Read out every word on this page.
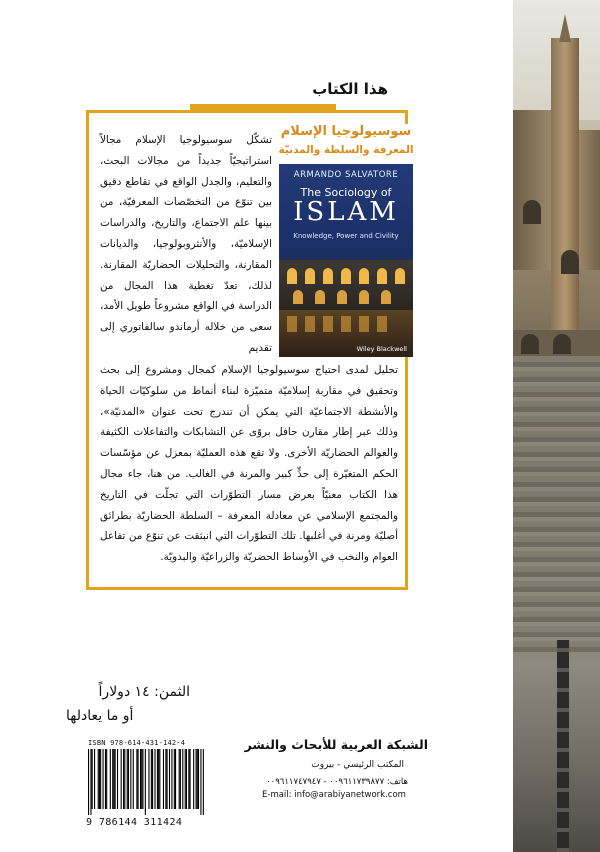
هذا الكتاب

سوسيولوجيا الإسلام

المعرفة والسلطة والمدنيّة

ARMANDO SALVATORE
The Sociology of
ISLAM
Knowledge, Power and Civility
Wiley Blackwell

تشكّل سوسيولوجيا الإسلام مجالاً استراتيجيّاً جديداً من مجالات البحث، والتعليم، والجدل الواقع في تقاطع دقيق بين تنوّع من التخصّصات المعرفيّة، من بينها علم الاجتماع، والتاريخ، والدراسات الإسلاميّة، والأنثروبولوجيا، والديانات المقارنة، والتحليلات الحضاريّة المقارنة. لذلك، تعدّ تغطية هذا المجال من الدراسة في الواقع مشروعاً طويل الأمد، سعى من خلاله أرماندو سالفاتوري إلى تقديم

تحليل لمدى احتياج سوسيولوجيا الإسلام كمجال ومشروع إلى بحث وتحقيق في مقاربة إسلاميّة متميّزة لبناء أنماط من سلوكيّات الحياة والأنشطة الاجتماعيّة التي يمكن أن تندرج تحت عنوان «المدنيّة»، وذلك عبر إطار مقارن حافل بروًى عن التشابكات والتفاعلات الكثيفة والعوالم الحضاريّة الأخرى. ولا تقع هذه العمليّة بمعزل عن مؤسّسات الحكم المتغيّرة إلى حدٍّ كبير والمرنة في الغالب. من هنا، جاء مجال هذا الكتاب معنيّاً بعرض مسار التطوّرات التي تجلّت في التاريخ والمجتمع الإسلامي عن معادلة المعرفة – السلطة الحضاريّة بطرائق أصليّة ومرنة في أغلبها. تلك التطوّرات التي انبثقت عن تنوّع من تفاعل العوام والنخب في الأوساط الحضريّة والزراعيّة والبدويّة.

الثمن: ١٤ دولاراً

أو ما يعادلها

ISBN 978-614-431-142-4
9 786144 311424

الشبكة العربية للأبحاث والنشر

المكتب الرئيسي - بيروت

هاتف: ٠٠٩٦١١٧٣٩٨٧٧ - ٠٠٩٦١١٧٤٧٩٤٧

E-mail: info@arabiyanetwork.com
